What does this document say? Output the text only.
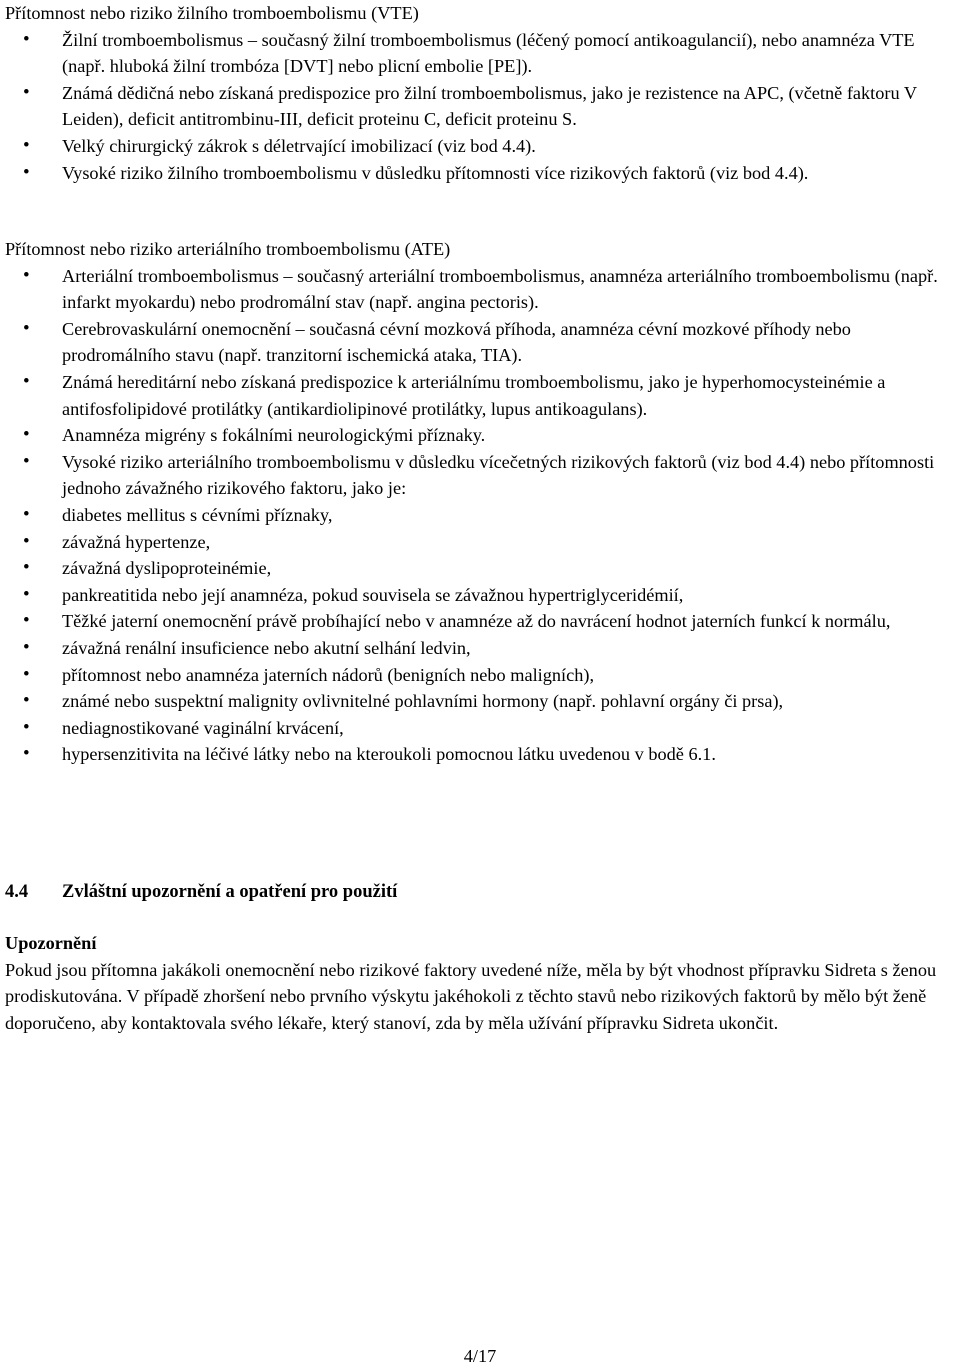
Přítomnost nebo riziko žilního tromboembolismu (VTE)

• Žilní tromboembolismus – současný žilní tromboembolismus (léčený pomocí antikoagulancií), nebo anamnéza VTE (např. hluboká žilní trombóza [DVT] nebo plicní embolie [PE]).
• Známá dědičná nebo získaná predispozice pro žilní tromboembolismus, jako je rezistence na APC, (včetně faktoru V Leiden), deficit antitrombinu-III, deficit proteinu C, deficit proteinu S.
• Velký chirurgický zákrok s déletrvající imobilizací (viz bod 4.4).
• Vysoké riziko žilního tromboembolismu v důsledku přítomnosti více rizikových faktorů (viz bod 4.4).

Přítomnost nebo riziko arteriálního tromboembolismu (ATE)

• Arteriální tromboembolismus – současný arteriální tromboembolismus, anamnéza arteriálního tromboembolismu (např. infarkt myokardu) nebo prodromální stav (např. angina pectoris).
• Cerebrovaskulární onemocnění – současná cévní mozková příhoda, anamnéza cévní mozkové příhody nebo prodromálního stavu (např. tranzitorní ischemická ataka, TIA).
• Známá hereditární nebo získaná predispozice k arteriálnímu tromboembolismu, jako je hyperhomocysteinémie a antifosfolipidové protilátky (antikardiolipinové protilátky, lupus antikoagulans).
• Anamnéza migrény s fokálními neurologickými příznaky.
• Vysoké riziko arteriálního tromboembolismu v důsledku vícečetných rizikových faktorů (viz bod 4.4) nebo přítomnosti jednoho závažného rizikového faktoru, jako je:
• diabetes mellitus s cévními příznaky,
• závažná hypertenze,
• závažná dyslipoproteinémie,
• pankreatitida nebo její anamnéza, pokud souvisela se závažnou hypertriglyceridémií,
• Těžké jaterní onemocnění právě probíhající nebo v anamnéze až do navrácení hodnot jaterních funkcí k normálu,
• závažná renální insuficience nebo akutní selhání ledvin,
• přítomnost nebo anamnéza jaterních nádorů (benigních nebo maligních),
• známé nebo suspektní malignity ovlivnitelné pohlavními hormony (např. pohlavní orgány či prsa),
• nediagnostikované vaginální krvácení,
• hypersenzitivita na léčivé látky nebo na kteroukoli pomocnou látku uvedenou v bodě 6.1.
4.4 Zvláštní upozornění a opatření pro použití

Upozornění

Pokud jsou přítomna jakákoli onemocnění nebo rizikové faktory uvedené níže, měla by být vhodnost přípravku Sidreta s ženou prodiskutována. V případě zhoršení nebo prvního výskytu jakéhokoli z těchto stavů nebo rizikových faktorů by mělo být ženě doporučeno, aby kontaktovala svého lékaře, který stanoví, zda by měla užívání přípravku Sidreta ukončit.

4/17
